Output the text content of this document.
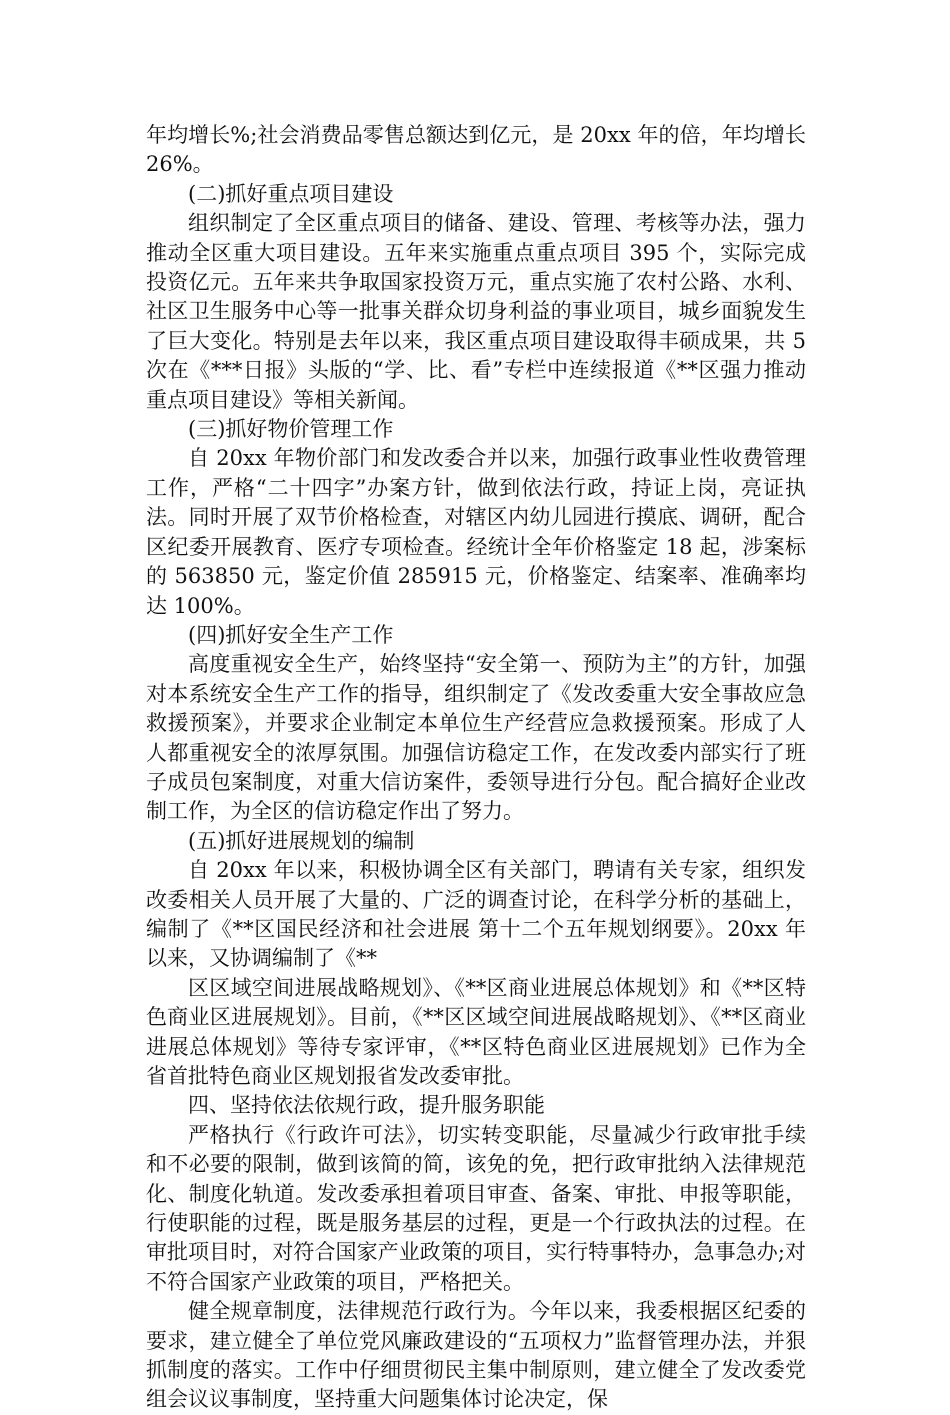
年均增长%;社会消费品零售总额达到亿元，是 20xx 年的倍，年均增长 26%。

(二)抓好重点项目建设

组织制定了全区重点项目的储备、建设、管理、考核等办法，强力推动全区重大项目建设。五年来实施重点重点项目 395 个，实际完成投资亿元。五年来共争取国家投资万元，重点实施了农村公路、水利、社区卫生服务中心等一批事关群众切身利益的事业项目，城乡面貌发生了巨大变化。特别是去年以来，我区重点项目建设取得丰硕成果，共 5 次在《***日报》头版的“学、比、看”专栏中连续报道《**区强力推动重点项目建设》等相关新闻。

(三)抓好物价管理工作

自 20xx 年物价部门和发改委合并以来，加强行政事业性收费管理工作，严格“二十四字”办案方针，做到依法行政，持证上岗，亮证执法。同时开展了双节价格检查，对辖区内幼儿园进行摸底、调研，配合区纪委开展教育、医疗专项检查。经统计全年价格鉴定 18 起，涉案标的 563850 元，鉴定价值 285915 元，价格鉴定、结案率、准确率均达 100%。

(四)抓好安全生产工作

高度重视安全生产，始终坚持“安全第一、预防为主”的方针，加强对本系统安全生产工作的指导，组织制定了《发改委重大安全事故应急救援预案》，并要求企业制定本单位生产经营应急救援预案。形成了人人都重视安全的浓厚氛围。加强信访稳定工作，在发改委内部实行了班子成员包案制度，对重大信访案件，委领导进行分包。配合搞好企业改制工作，为全区的信访稳定作出了努力。

(五)抓好进展规划的编制

自 20xx 年以来，积极协调全区有关部门，聘请有关专家，组织发改委相关人员开展了大量的、广泛的调查讨论，在科学分析的基础上，编制了《**区国民经济和社会进展 第十二个五年规划纲要》。20xx 年以来，又协调编制了《**

区区域空间进展战略规划》、《**区商业进展总体规划》和《**区特色商业区进展规划》。目前，《**区区域空间进展战略规划》、《**区商业进展总体规划》等待专家评审，《**区特色商业区进展规划》已作为全省首批特色商业区规划报省发改委审批。

四、坚持依法依规行政，提升服务职能

严格执行《行政许可法》，切实转变职能，尽量减少行政审批手续和不必要的限制，做到该简的简，该免的免，把行政审批纳入法律规范化、制度化轨道。发改委承担着项目审查、备案、审批、申报等职能，行使职能的过程，既是服务基层的过程，更是一个行政执法的过程。在审批项目时，对符合国家产业政策的项目，实行特事特办，急事急办;对不符合国家产业政策的项目，严格把关。

健全规章制度，法律规范行政行为。今年以来，我委根据区纪委的要求，建立健全了单位党风廉政建设的“五项权力”监督管理办法，并狠抓制度的落实。工作中仔细贯彻民主集中制原则，建立健全了发改委党组会议议事制度，坚持重大问题集体讨论决定，保
